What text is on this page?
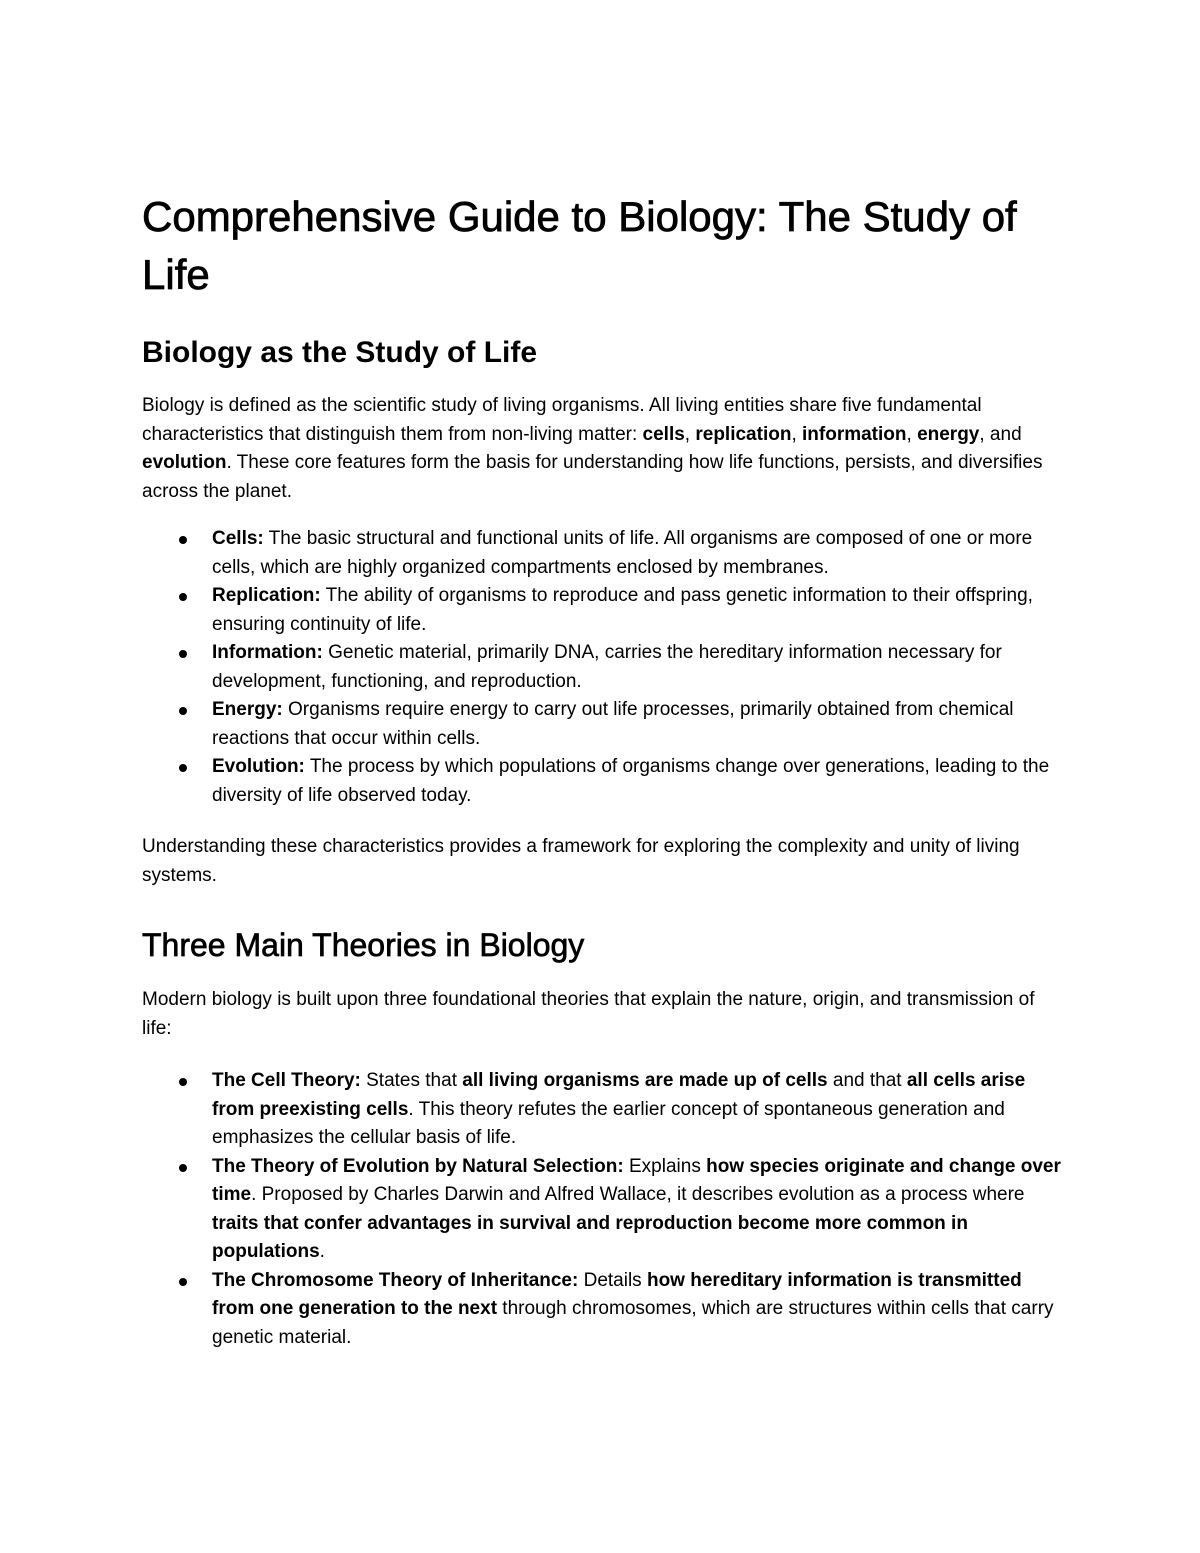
Comprehensive Guide to Biology: The Study of Life
Biology as the Study of Life

Biology is defined as the scientific study of living organisms. All living entities share five fundamental characteristics that distinguish them from non-living matter: cells, replication, information, energy, and evolution. These core features form the basis for understanding how life functions, persists, and diversifies across the planet.

Cells: The basic structural and functional units of life. All organisms are composed of one or more cells, which are highly organized compartments enclosed by membranes.
Replication: The ability of organisms to reproduce and pass genetic information to their offspring, ensuring continuity of life.
Information: Genetic material, primarily DNA, carries the hereditary information necessary for development, functioning, and reproduction.
Energy: Organisms require energy to carry out life processes, primarily obtained from chemical reactions that occur within cells.
Evolution: The process by which populations of organisms change over generations, leading to the diversity of life observed today.

Understanding these characteristics provides a framework for exploring the complexity and unity of living systems.

Three Main Theories in Biology

Modern biology is built upon three foundational theories that explain the nature, origin, and transmission of life:

The Cell Theory: States that all living organisms are made up of cells and that all cells arise from preexisting cells. This theory refutes the earlier concept of spontaneous generation and emphasizes the cellular basis of life.
The Theory of Evolution by Natural Selection: Explains how species originate and change over time. Proposed by Charles Darwin and Alfred Wallace, it describes evolution as a process where traits that confer advantages in survival and reproduction become more common in populations.
The Chromosome Theory of Inheritance: Details how hereditary information is transmitted from one generation to the next through chromosomes, which are structures within cells that carry genetic material.
